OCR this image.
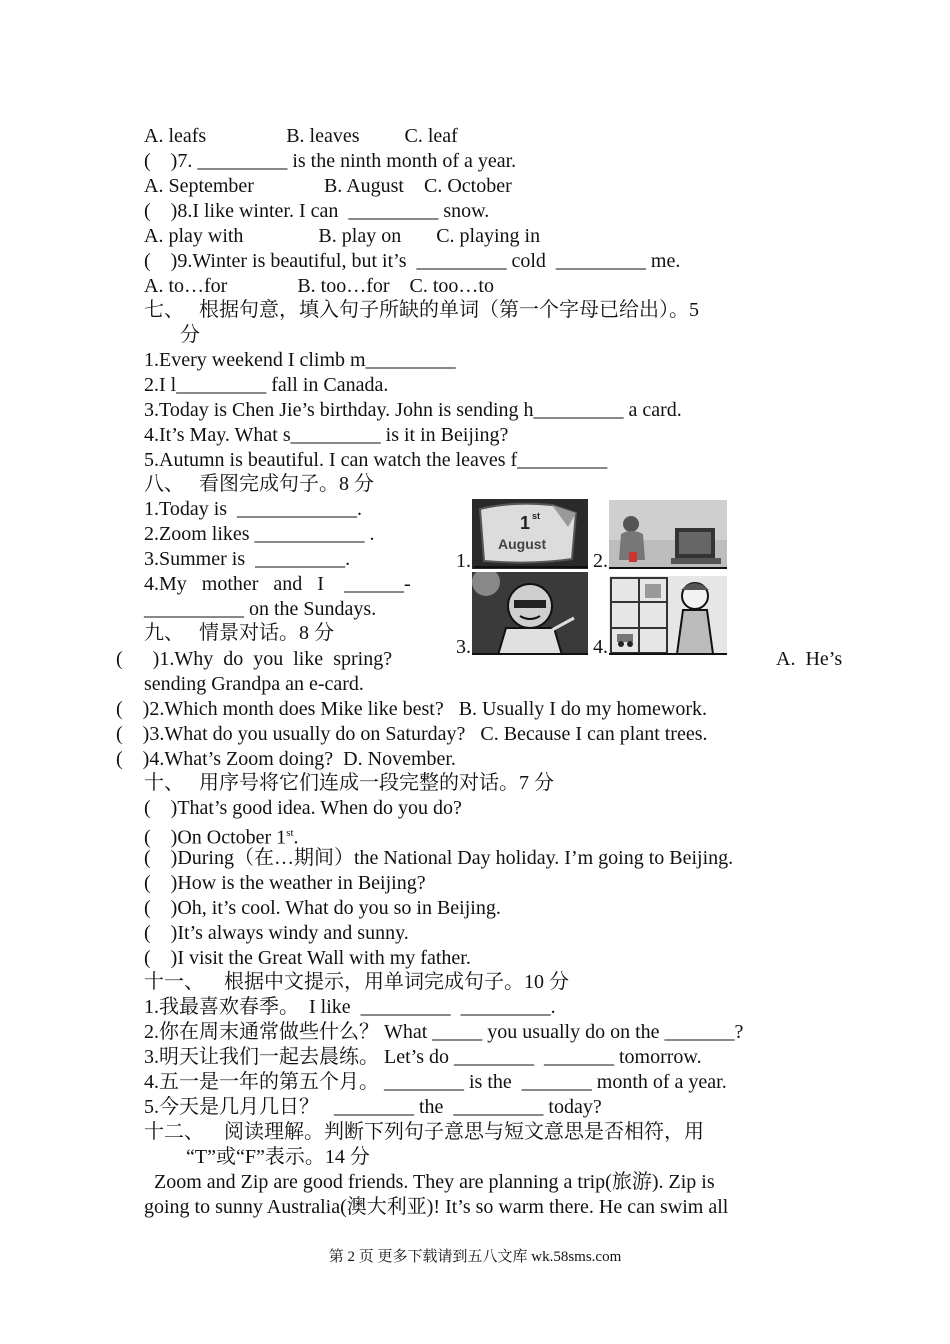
A. leafs                B. leaves         C. leaf
(    )7. _________ is the ninth month of a year.
A. September              B. August    C. October
(    )8.I like winter. I can  _________ snow.
A. play with               B. play on       C. playing in
(    )9.Winter is beautiful, but it’s  _________ cold  _________ me.
A. to…for              B. too…for    C. too…to
七、   根据句意，填入句子所缺的单词（第一个字母已给出）。5
分
1.Every weekend I climb m_________
2.I l_________ fall in Canada.
3.Today is Chen Jie’s birthday. John is sending h_________ a card.
4.It’s May. What s_________ is it in Beijing?
5.Autumn is beautiful. I can watch the leaves f_________
八、   看图完成句子。8 分
1.Today is  ____________.
2.Zoom likes ___________ .
3.Summer is  _________.
4.My   mother   and   I    ______-
__________ on the Sundays.
九、   情景对话。8 分
(      )1.Why  do  you  like  spring?	A.  He’s
sending Grandpa an e-card.
(    )2.Which month does Mike like best?   B. Usually I do my homework.
(    )3.What do you usually do on Saturday?   C. Because I can plant trees.
(    )4.What’s Zoom doing?  D. November.
十、   用序号将它们连成一段完整的对话。7 分
(    )That’s good idea. When do you do?
(    )On October 1st.
(    )During（在…期间）the National Day holiday. I’m going to Beijing.
(    )How is the weather in Beijing?
(    )Oh, it’s cool. What do you so in Beijing.
(    )It’s always windy and sunny.
(    )I visit the Great Wall with my father.
十一、    根据中文提示，用单词完成句子。10 分
1.我最喜欢春季。  I like  _________  _________.
2.你在周末通常做些什么？ What _____ you usually do on the _______?
3.明天让我们一起去晨练。 Let’s do ________  _______ tomorrow.
4.五一是一年的第五个月。 ________ is the  _______ month of a year.
5.今天是几月几日？   ________ the  _________ today?
十二、    阅读理解。判断下列句子意思与短文意思是否相符，用
“T”或“F”表示。14 分
Zoom and Zip are good friends. They are planning a trip(旅游). Zip is
going to sunny Australia(澳大利亚)! It’s so warm there. He can swim all
1.	2.
3.	4.
1 st
August
第 2 页 更多下载请到五八文库 wk.58sms.com
